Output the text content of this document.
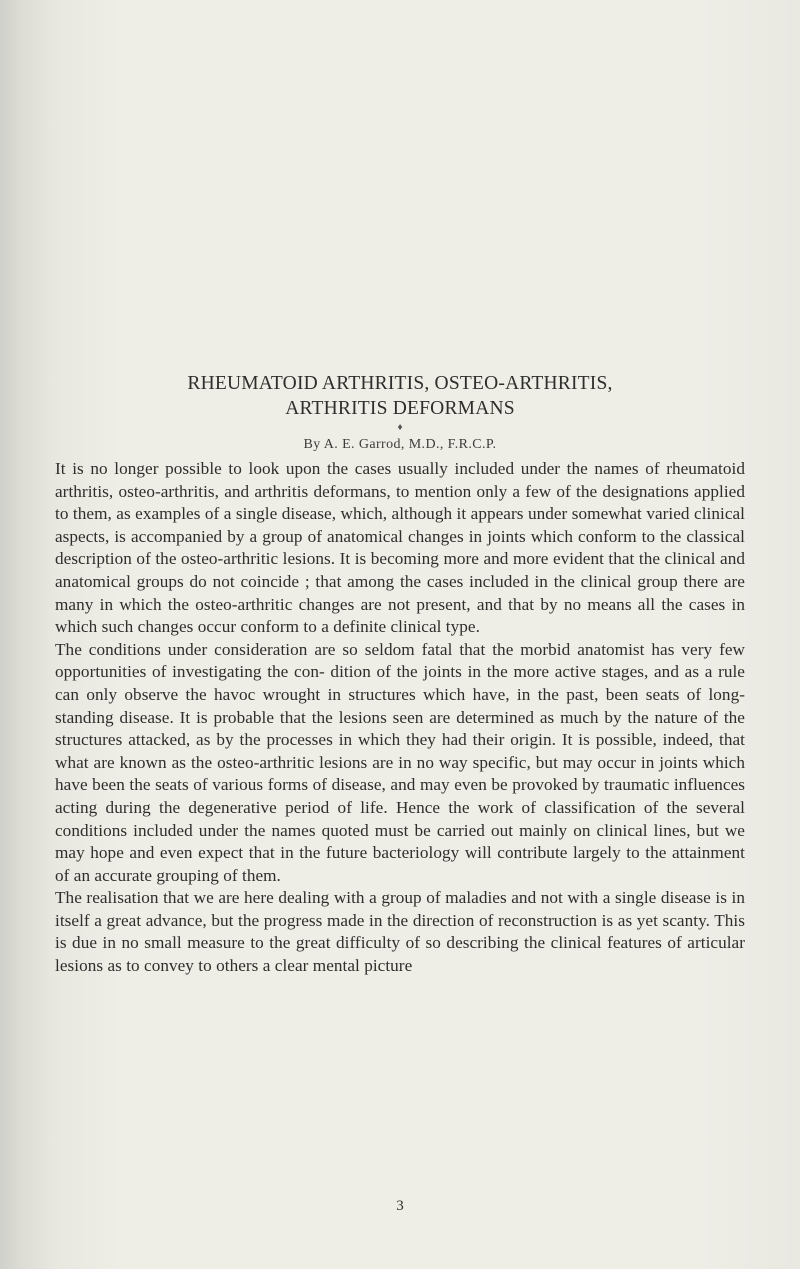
RHEUMATOID ARTHRITIS, OSTEO-ARTHRITIS,
ARTHRITIS DEFORMANS
♦
By A. E. Garrod, M.D., F.R.C.P.

It is no longer possible to look upon the cases usually included under the names of rheumatoid arthritis, osteo-arthritis, and arthritis deformans, to mention only a few of the designations applied to them, as examples of a single disease, which, although it appears under somewhat varied clinical aspects, is accompanied by a group of anatomical changes in joints which conform to the classical description of the osteo-arthritic lesions. It is becoming more and more evident that the clinical and anatomical groups do not coincide ; that among the cases included in the clinical group there are many in which the osteo-arthritic changes are not present, and that by no means all the cases in which such changes occur conform to a definite clinical type.

The conditions under consideration are so seldom fatal that the morbid anatomist has very few opportunities of investigating the con- dition of the joints in the more active stages, and as a rule can only observe the havoc wrought in structures which have, in the past, been seats of long-standing disease. It is probable that the lesions seen are determined as much by the nature of the structures attacked, as by the processes in which they had their origin. It is possible, indeed, that what are known as the osteo-arthritic lesions are in no way specific, but may occur in joints which have been the seats of various forms of disease, and may even be provoked by traumatic influences acting during the degenerative period of life. Hence the work of classification of the several conditions included under the names quoted must be carried out mainly on clinical lines, but we may hope and even expect that in the future bacteriology will contribute largely to the attainment of an accurate grouping of them.

The realisation that we are here dealing with a group of maladies and not with a single disease is in itself a great advance, but the progress made in the direction of reconstruction is as yet scanty. This is due in no small measure to the great difficulty of so describing the clinical features of articular lesions as to convey to others a clear mental picture

3
